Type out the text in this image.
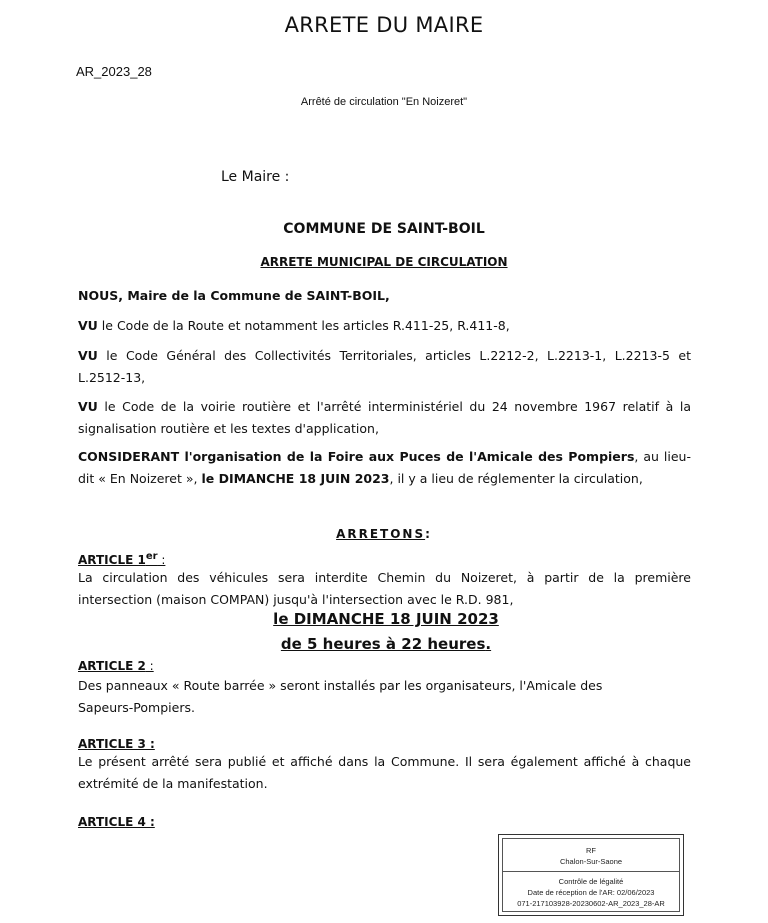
ARRETE DU MAIRE
AR_2023_28
Arrêté de circulation "En Noizeret"
Le Maire :
COMMUNE DE SAINT-BOIL
ARRETE MUNICIPAL DE CIRCULATION
NOUS, Maire de la Commune de SAINT-BOIL,
VU le Code de la Route et notamment les articles R.411-25, R.411-8,
VU le Code Général des Collectivités Territoriales, articles L.2212-2, L.2213-1, L.2213-5 et L.2512-13,
VU le Code de la voirie routière et l'arrêté interministériel du 24 novembre 1967 relatif à la signalisation routière et les textes d'application,
CONSIDERANT l'organisation de la Foire aux Puces de l'Amicale des Pompiers, au lieu-dit « En Noizeret », le DIMANCHE 18 JUIN 2023, il y a lieu de réglementer la circulation,
ARRETONS:
ARTICLE 1er :
La circulation des véhicules sera interdite Chemin du Noizeret, à partir de la première intersection (maison COMPAN) jusqu'à l'intersection avec le R.D. 981,
le DIMANCHE 18 JUIN 2023
de 5 heures à 22 heures.
ARTICLE 2 :
Des panneaux « Route barrée » seront installés par les organisateurs, l'Amicale des Sapeurs-Pompiers.
ARTICLE 3 :
Le présent arrêté sera publié et affiché dans la Commune. Il sera également affiché à chaque extrémité de la manifestation.
ARTICLE 4 :
RF
Chalon-Sur-Saone
Contrôle de légalité
Date de réception de l'AR: 02/06/2023
071-217103928-20230602-AR_2023_28-AR
